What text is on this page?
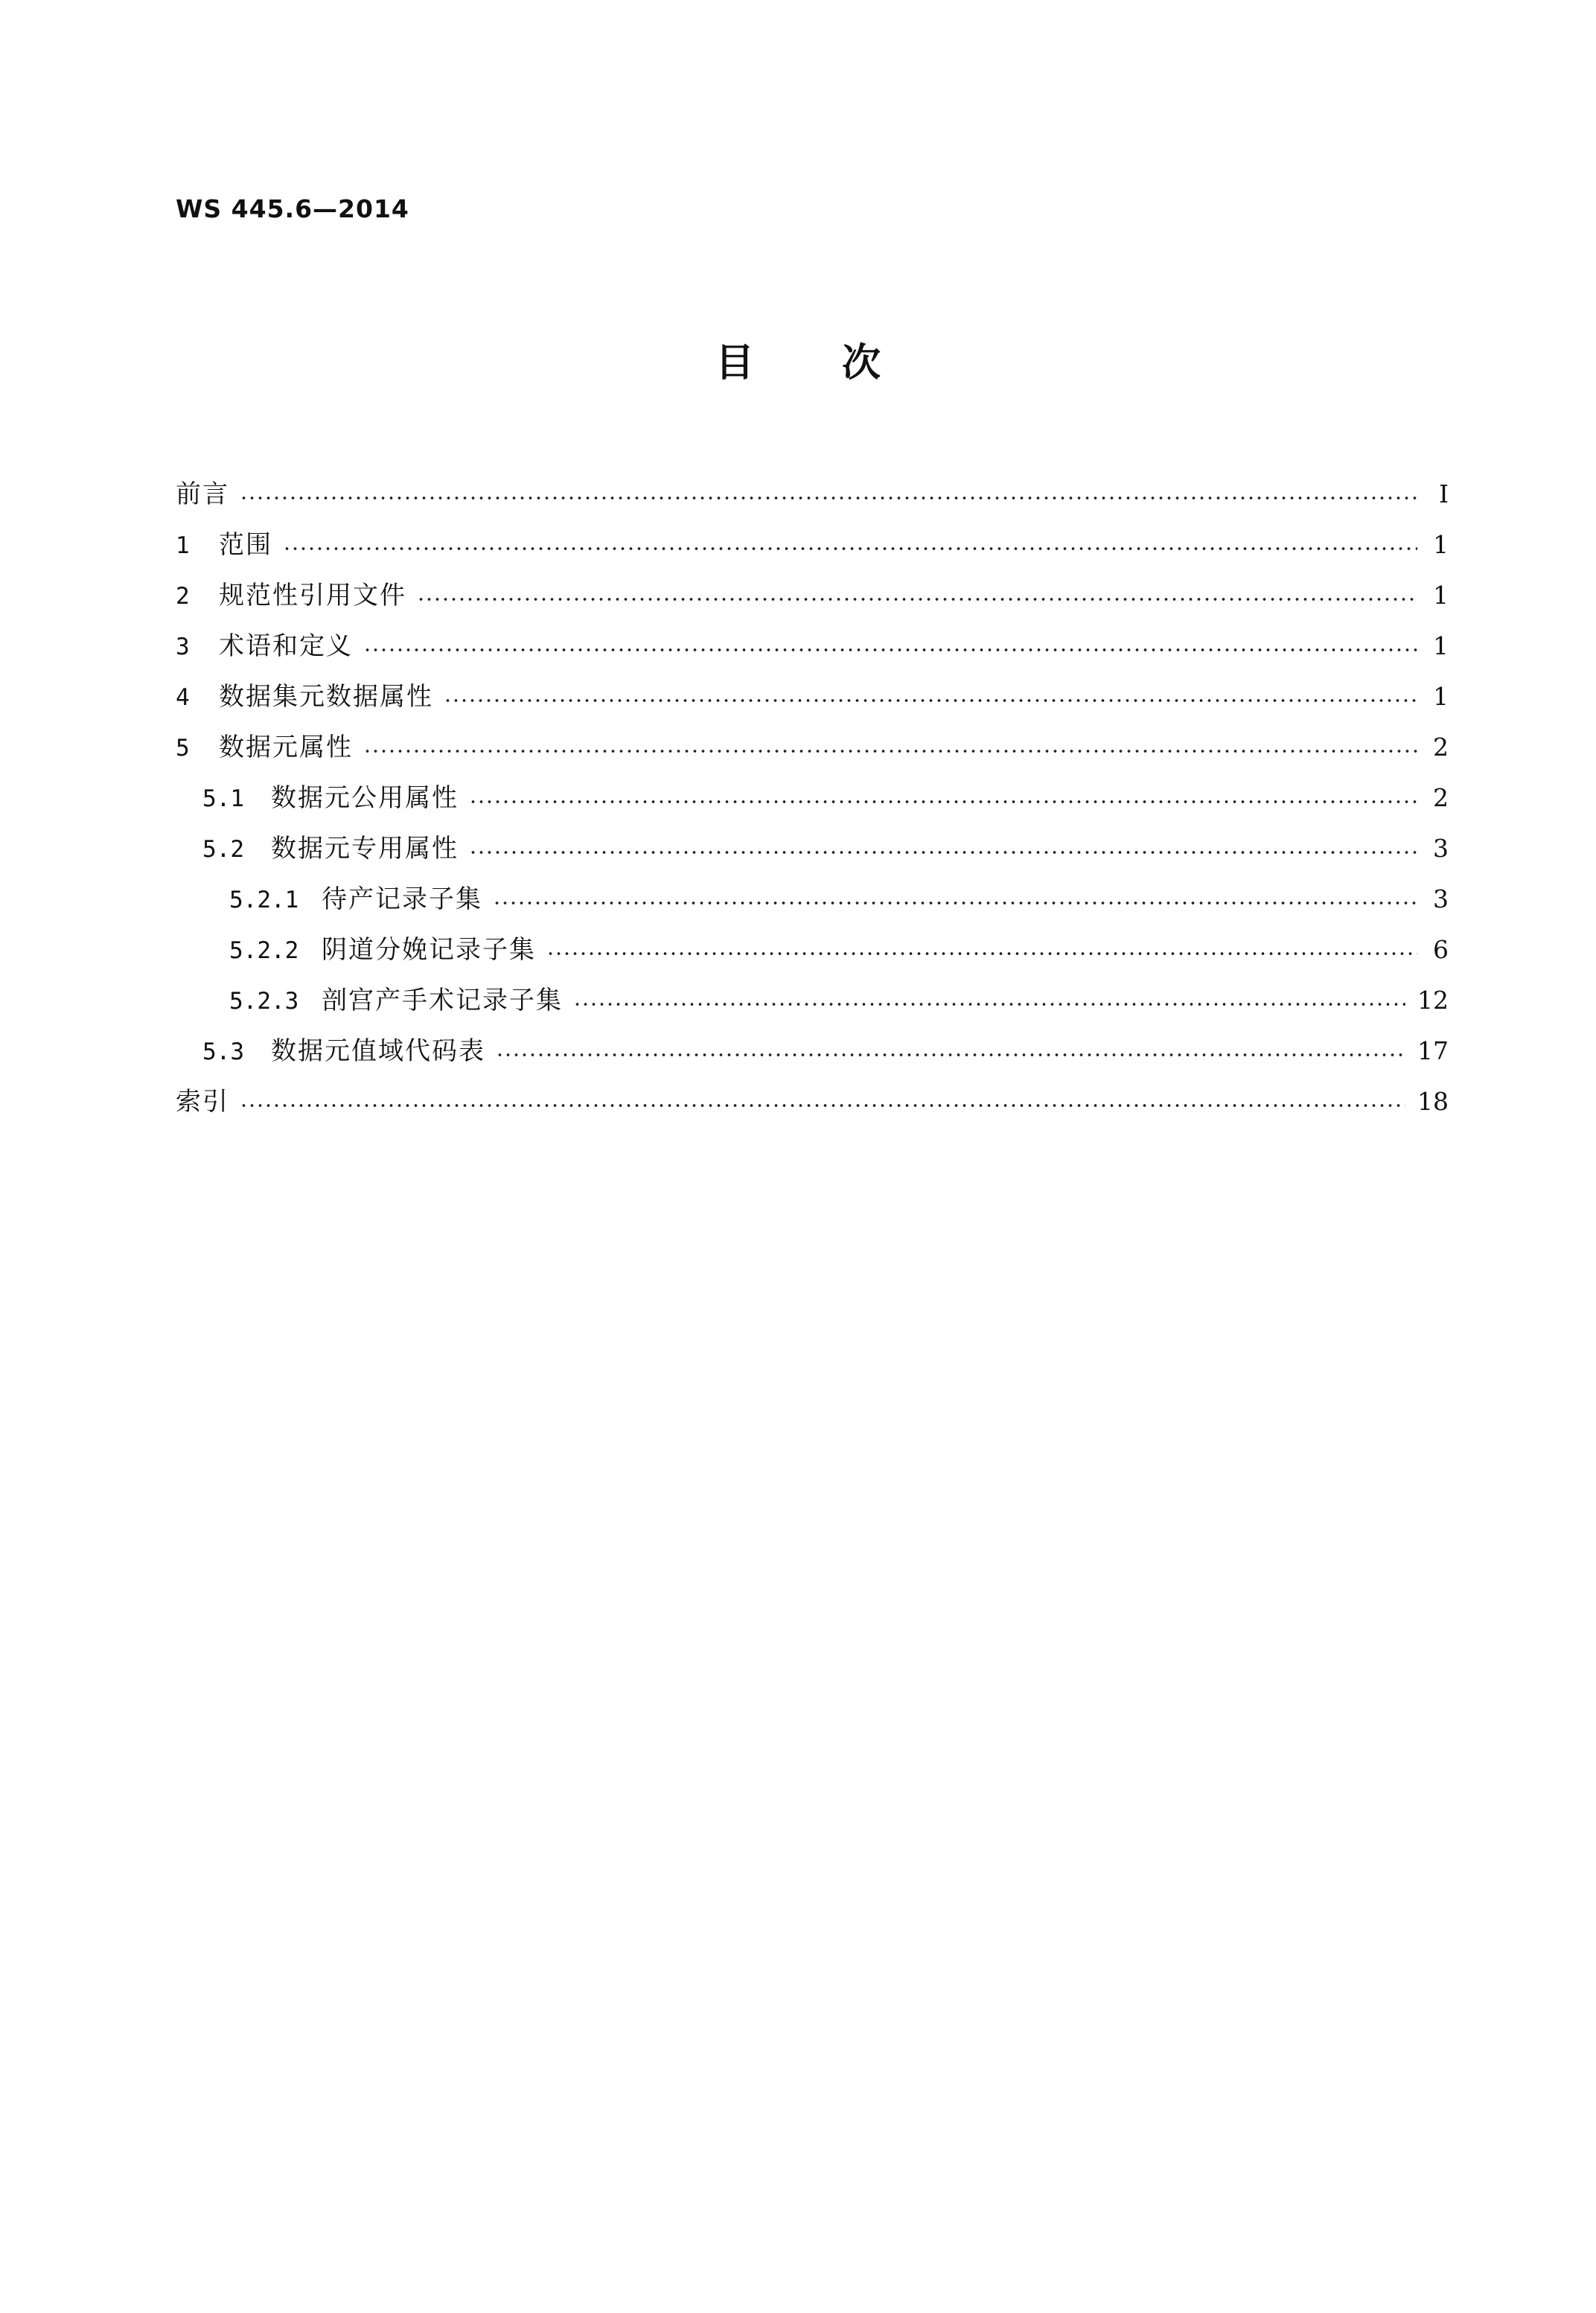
WS 445.6—2014
目次
前言	I
1	范围	1
2	规范性引用文件	1
3	术语和定义	1
4	数据集元数据属性	1
5	数据元属性	2
5.1	数据元公用属性	2
5.2	数据元专用属性	3
5.2.1 待产记录子集	3
5.2.2 阴道分娩记录子集	6
5.2.3 剖宫产手术记录子集	12
5.3	数据元值域代码表	17
索引	18
